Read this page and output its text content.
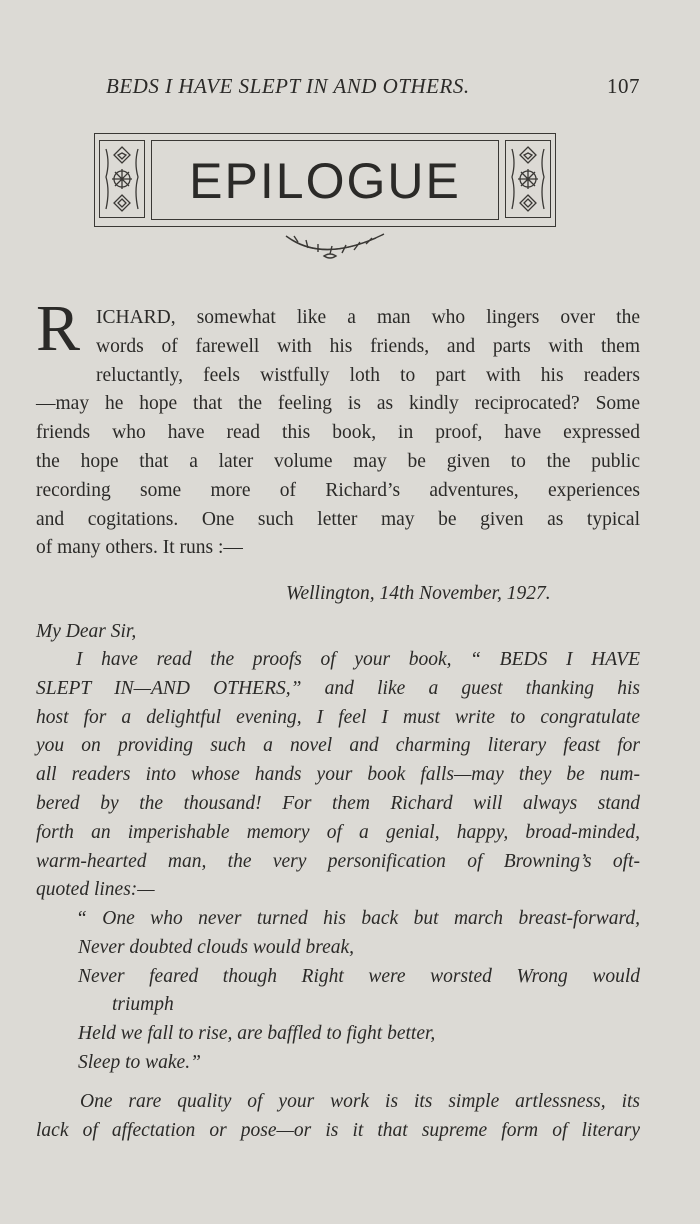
BEDS I HAVE SLEPT IN AND OTHERS.	107
EPILOGUE
R ICHARD, somewhat like a man who lingers over the
words of farewell with his friends, and parts with them
reluctantly, feels wistfully loth to part with his readers
—may he hope that the feeling is as kindly reciprocated? Some
friends who have read this book, in proof, have expressed
the hope that a later volume may be given to the public
recording some more of Richard’s adventures, experiences
and cogitations. One such letter may be given as typical
of many others. It runs :—
Wellington, 14th November, 1927.
My Dear Sir,
I have read the proofs of your book, “ BEDS I HAVE
SLEPT IN—AND OTHERS,” and like a guest thanking his
host for a delightful evening, I feel I must write to congratulate
you on providing such a novel and charming literary feast for
all readers into whose hands your book falls—may they be num-
bered by the thousand! For them Richard will always stand
forth an imperishable memory of a genial, happy, broad-minded,
warm-hearted man, the very personification of Browning’s oft-
quoted lines:—
“ One who never turned his back but march breast-forward,
Never doubted clouds would break,
Never feared though Right were worsted Wrong would
triumph
Held we fall to rise, are baffled to fight better,
Sleep to wake.”
One rare quality of your work is its simple artlessness, its
lack of affectation or pose—or is it that supreme form of literary
